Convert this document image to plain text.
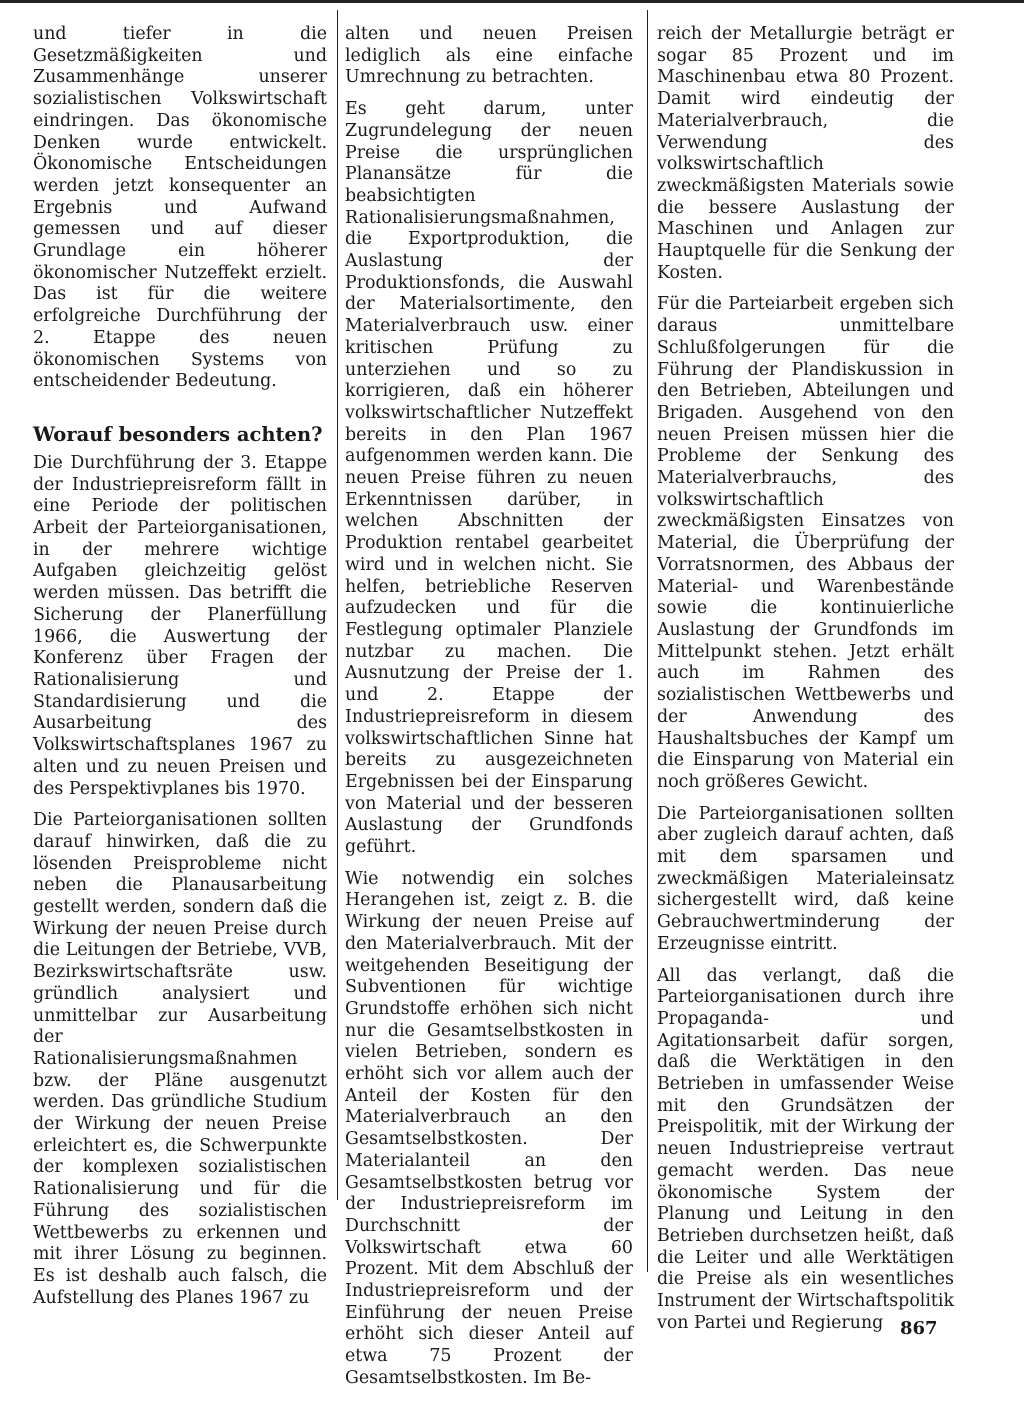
und tiefer in die Gesetzmäßigkeiten und Zusammenhänge unserer sozialistischen Volkswirtschaft eindringen. Das ökonomische Denken wurde entwickelt. Ökonomische Entscheidungen werden jetzt konsequenter an Ergebnis und Aufwand gemessen und auf dieser Grundlage ein höherer ökonomischer Nutzeffekt erzielt. Das ist für die weitere erfolgreiche Durchführung der 2. Etappe des neuen ökonomischen Systems von entscheidender Bedeutung.

Worauf besonders achten?

Die Durchführung der 3. Etappe der Industriepreisreform fällt in eine Periode der politischen Arbeit der Parteiorganisationen, in der mehrere wichtige Aufgaben gleichzeitig gelöst werden müssen. Das betrifft die Sicherung der Planerfüllung 1966, die Auswertung der Konferenz über Fragen der Rationalisierung und Standardisierung und die Ausarbeitung des Volkswirtschaftsplanes 1967 zu alten und zu neuen Preisen und des Perspektivplanes bis 1970.

Die Parteiorganisationen sollten darauf hinwirken, daß die zu lösenden Preisprobleme nicht neben die Planausarbeitung gestellt werden, sondern daß die Wirkung der neuen Preise durch die Leitungen der Betriebe, VVB, Bezirkswirtschaftsräte usw. gründlich analysiert und unmittelbar zur Ausarbeitung der Rationalisierungsmaßnahmen bzw. der Pläne ausgenutzt werden. Das gründliche Studium der Wirkung der neuen Preise erleichtert es, die Schwerpunkte der komplexen sozialistischen Rationalisierung und für die Führung des sozialistischen Wettbewerbs zu erkennen und mit ihrer Lösung zu beginnen. Es ist deshalb auch falsch, die Aufstellung des Planes 1967 zu

alten und neuen Preisen lediglich als eine einfache Umrechnung zu betrachten.

Es geht darum, unter Zugrundelegung der neuen Preise die ursprünglichen Planansätze für die beabsichtigten Rationalisierungsmaßnahmen, die Exportproduktion, die Auslastung der Produktionsfonds, die Auswahl der Materialsortimente, den Materialverbrauch usw. einer kritischen Prüfung zu unterziehen und so zu korrigieren, daß ein höherer volkswirtschaftlicher Nutzeffekt bereits in den Plan 1967 aufgenommen werden kann. Die neuen Preise führen zu neuen Erkenntnissen darüber, in welchen Abschnitten der Produktion rentabel gearbeitet wird und in welchen nicht. Sie helfen, betriebliche Reserven aufzudecken und für die Festlegung optimaler Planziele nutzbar zu machen. Die Ausnutzung der Preise der 1. und 2. Etappe der Industriepreisreform in diesem volkswirtschaftlichen Sinne hat bereits zu ausgezeichneten Ergebnissen bei der Einsparung von Material und der besseren Auslastung der Grundfonds geführt.

Wie notwendig ein solches Herangehen ist, zeigt z. B. die Wirkung der neuen Preise auf den Materialverbrauch. Mit der weitgehenden Beseitigung der Subventionen für wichtige Grundstoffe erhöhen sich nicht nur die Gesamtselbstkosten in vielen Betrieben, sondern es erhöht sich vor allem auch der Anteil der Kosten für den Materialverbrauch an den Gesamtselbstkosten. Der Materialanteil an den Gesamtselbstkosten betrug vor der Industriepreisreform im Durchschnitt der Volkswirtschaft etwa 60 Prozent. Mit dem Abschluß der Industriepreisreform und der Einführung der neuen Preise erhöht sich dieser Anteil auf etwa 75 Prozent der Gesamtselbstkosten. Im Be-

reich der Metallurgie beträgt er sogar 85 Prozent und im Maschinenbau etwa 80 Prozent. Damit wird eindeutig der Materialverbrauch, die Verwendung des volkswirtschaftlich zweckmäßigsten Materials sowie die bessere Auslastung der Maschinen und Anlagen zur Hauptquelle für die Senkung der Kosten.

Für die Parteiarbeit ergeben sich daraus unmittelbare Schlußfolgerungen für die Führung der Plandiskussion in den Betrieben, Abteilungen und Brigaden. Ausgehend von den neuen Preisen müssen hier die Probleme der Senkung des Materialverbrauchs, des volkswirtschaftlich zweckmäßigsten Einsatzes von Material, die Überprüfung der Vorratsnormen, des Abbaus der Material- und Warenbestände sowie die kontinuierliche Auslastung der Grundfonds im Mittelpunkt stehen. Jetzt erhält auch im Rahmen des sozialistischen Wettbewerbs und der Anwendung des Haushaltsbuches der Kampf um die Einsparung von Material ein noch größeres Gewicht.

Die Parteiorganisationen sollten aber zugleich darauf achten, daß mit dem sparsamen und zweckmäßigen Materialeinsatz sichergestellt wird, daß keine Gebrauchwertminderung der Erzeugnisse eintritt.

All das verlangt, daß die Parteiorganisationen durch ihre Propaganda- und Agitationsarbeit dafür sorgen, daß die Werktätigen in den Betrieben in umfassender Weise mit den Grundsätzen der Preispolitik, mit der Wirkung der neuen Industriepreise vertraut gemacht werden. Das neue ökonomische System der Planung und Leitung in den Betrieben durchsetzen heißt, daß die Leiter und alle Werktätigen die Preise als ein wesentliches Instrument der Wirtschaftspolitik von Partei und Regierung 867
